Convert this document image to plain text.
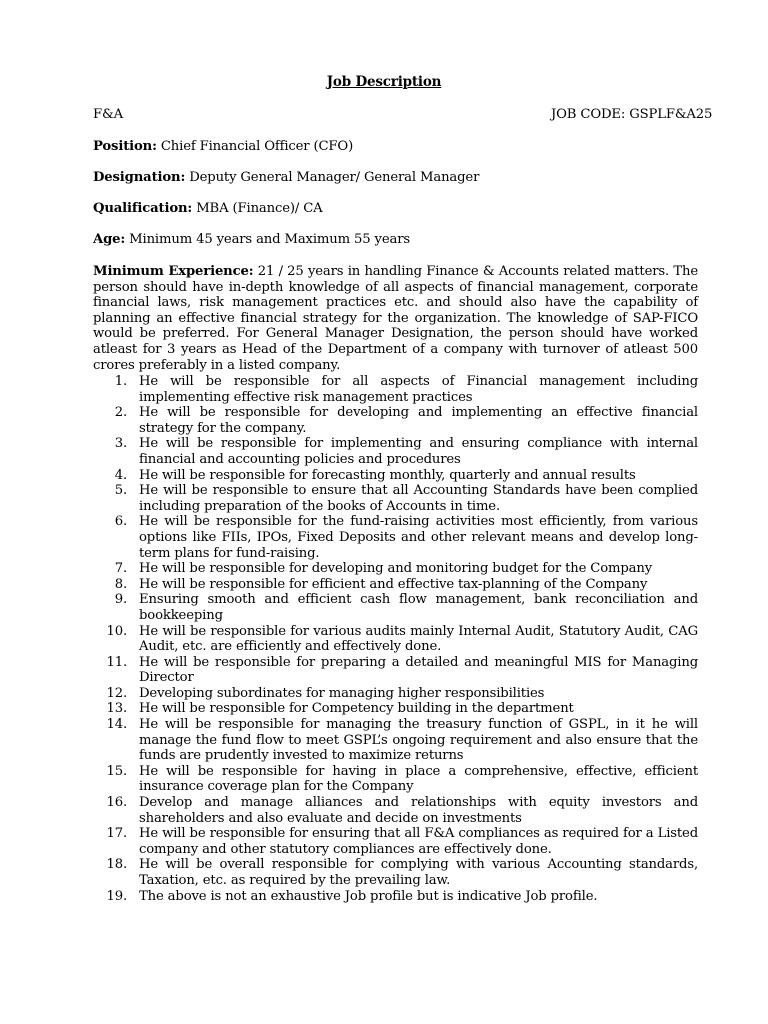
Job Description
F&A	JOB CODE: GSPLF&A25
Position: Chief Financial Officer (CFO)
Designation: Deputy General Manager/ General Manager
Qualification: MBA (Finance)/ CA
Age: Minimum 45 years and Maximum 55 years
Minimum Experience: 21 / 25 years in handling Finance & Accounts related matters. The person should have in-depth knowledge of all aspects of financial management, corporate financial laws, risk management practices etc. and should also have the capability of planning an effective financial strategy for the organization. The knowledge of SAP-FICO would be preferred. For General Manager Designation, the person should have worked atleast for 3 years as Head of the Department of a company with turnover of atleast 500 crores preferably in a listed company.
1. He will be responsible for all aspects of Financial management including implementing effective risk management practices
2. He will be responsible for developing and implementing an effective financial strategy for the company.
3. He will be responsible for implementing and ensuring compliance with internal financial and accounting policies and procedures
4. He will be responsible for forecasting monthly, quarterly and annual results
5. He will be responsible to ensure that all Accounting Standards have been complied including preparation of the books of Accounts in time.
6. He will be responsible for the fund-raising activities most efficiently, from various options like FIIs, IPOs, Fixed Deposits and other relevant means and develop long-term plans for fund-raising.
7. He will be responsible for developing and monitoring budget for the Company
8. He will be responsible for efficient and effective tax-planning of the Company
9. Ensuring smooth and efficient cash flow management, bank reconciliation and bookkeeping
10. He will be responsible for various audits mainly Internal Audit, Statutory Audit, CAG Audit, etc. are efficiently and effectively done.
11. He will be responsible for preparing a detailed and meaningful MIS for Managing Director
12. Developing subordinates for managing higher responsibilities
13. He will be responsible for Competency building in the department
14. He will be responsible for managing the treasury function of GSPL, in it he will manage the fund flow to meet GSPL’s ongoing requirement and also ensure that the funds are prudently invested to maximize returns
15. He will be responsible for having in place a comprehensive, effective, efficient insurance coverage plan for the Company
16. Develop and manage alliances and relationships with equity investors and shareholders and also evaluate and decide on investments
17. He will be responsible for ensuring that all F&A compliances as required for a Listed company and other statutory compliances are effectively done.
18. He will be overall responsible for complying with various Accounting standards, Taxation, etc. as required by the prevailing law.
19. The above is not an exhaustive Job profile but is indicative Job profile.
